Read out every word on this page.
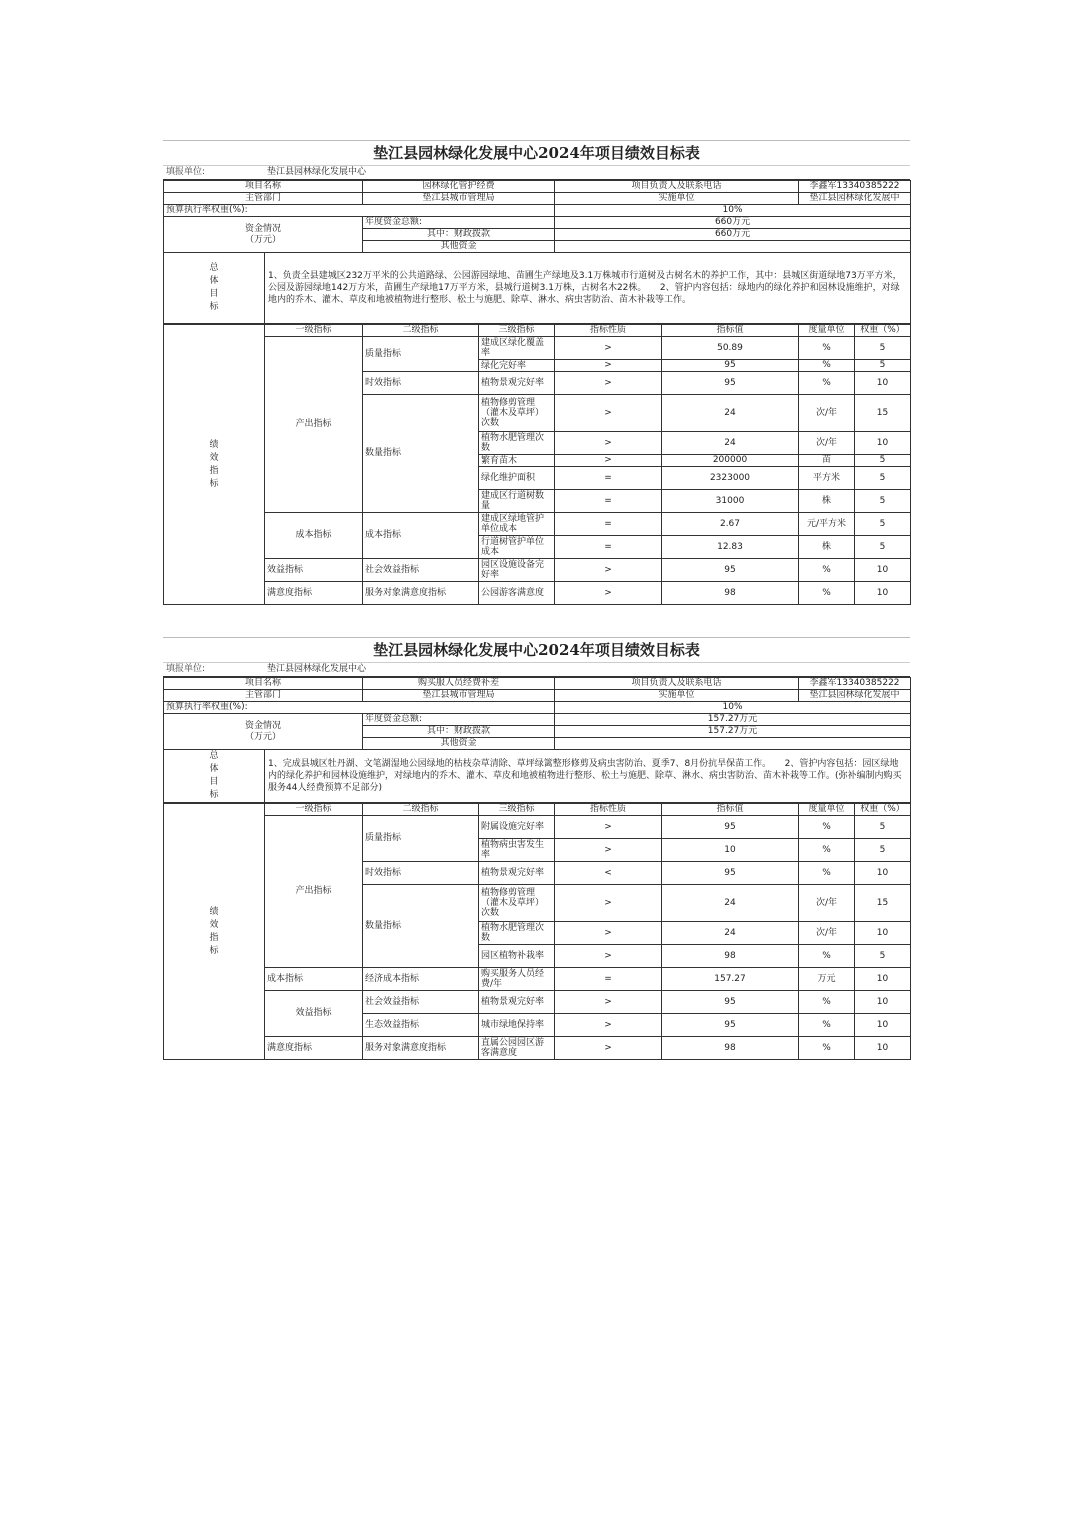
垫江县园林绿化发展中心2024年项目绩效目标表
填报单位:	垫江县园林绿化发展中心
项目名称		园林绿化管护经费	项目负责人及联系电话	李鑫军13340385222
主管部门		垫江县城市管理局	实施单位	垫江县园林绿化发展中
预算执行率权重(%):			10%	
资金情况
（万元）		年度资金总额:	660万元	
		其中：财政拨款	660万元	
		其他资金		
总体目标	1、负责全县建城区232万平米的公共道路绿、公园游园绿地、苗圃生产绿地及3.1万株城市行道树及古树名木的养护工作，其中：县城区街道绿地73万平方米，公园及游园绿地142万方米，苗圃生产绿地17万平方米，县城行道树3.1万株，古树名木22株。　　2、管护内容包括：绿地内的绿化养护和园林设施维护，对绿地内的乔木、灌木、草皮和地被植物进行整形、松土与施肥、除草、淋水、病虫害防治、苗木补栽等工作。			
绩效指标	一级指标	二级指标	三级指标	指标性质	指标值	度量单位	权重（%）
	产出指标	质量指标	建成区绿化覆盖率	>	50.89	%	5
			绿化完好率	>	95	%	5
		时效指标	植物景观完好率	>	95	%	10
		数量指标	植物修剪管理（灌木及草坪）次数	>	24	次/年	15
			植物水肥管理次数	>	24	次/年	10
			繁育苗木	>	200000	苗	5
			绿化维护面积	=	2323000	平方米	5
			建成区行道树数量	=	31000	株	5
	成本指标	成本指标	建成区绿地管护单位成本	=	2.67	元/平方米	5
			行道树管护单位成本	=	12.83	株	5
	效益指标	社会效益指标	园区设施设备完好率	>	95	%	10
	满意度指标	服务对象满意度指标	公园游客满意度	>	98	%	10
垫江县园林绿化发展中心2024年项目绩效目标表
填报单位:	垫江县园林绿化发展中心
项目名称		购买服人员经费补差	项目负责人及联系电话	李鑫军13340385222
主管部门		垫江县城市管理局	实施单位	垫江县园林绿化发展中
预算执行率权重(%):			10%	
资金情况
（万元）		年度资金总额:	157.27万元	
		其中：财政拨款	157.27万元	
		其他资金		
总体目标	1、完成县城区牡丹湖、文笔湖湿地公园绿地的枯枝杂草清除、草坪绿篱整形修剪及病虫害防治、夏季7、8月份抗旱保苗工作。　　2、管护内容包括：园区绿地内的绿化养护和园林设施维护，对绿地内的乔木、灌木、草皮和地被植物进行整形、松土与施肥、除草、淋水、病虫害防治、苗木补栽等工作。(弥补编制内购买服务44人经费预算不足部分)			
绩效指标	一级指标	二级指标	三级指标	指标性质	指标值	度量单位	权重（%）
	产出指标	质量指标	附属设施完好率	>	95	%	5
			植物病虫害发生率	>	10	%	5
		时效指标	植物景观完好率	<	95	%	10
		数量指标	植物修剪管理（灌木及草坪）次数	>	24	次/年	15
			植物水肥管理次数	>	24	次/年	10
			园区植物补栽率	>	98	%	5
	成本指标	经济成本指标	购买服务人员经费/年	=	157.27	万元	10
	效益指标	社会效益指标	植物景观完好率	>	95	%	10
		生态效益指标	城市绿地保持率	>	95	%	10
	满意度指标	服务对象满意度指标	直属公园园区游客满意度	>	98	%	10
